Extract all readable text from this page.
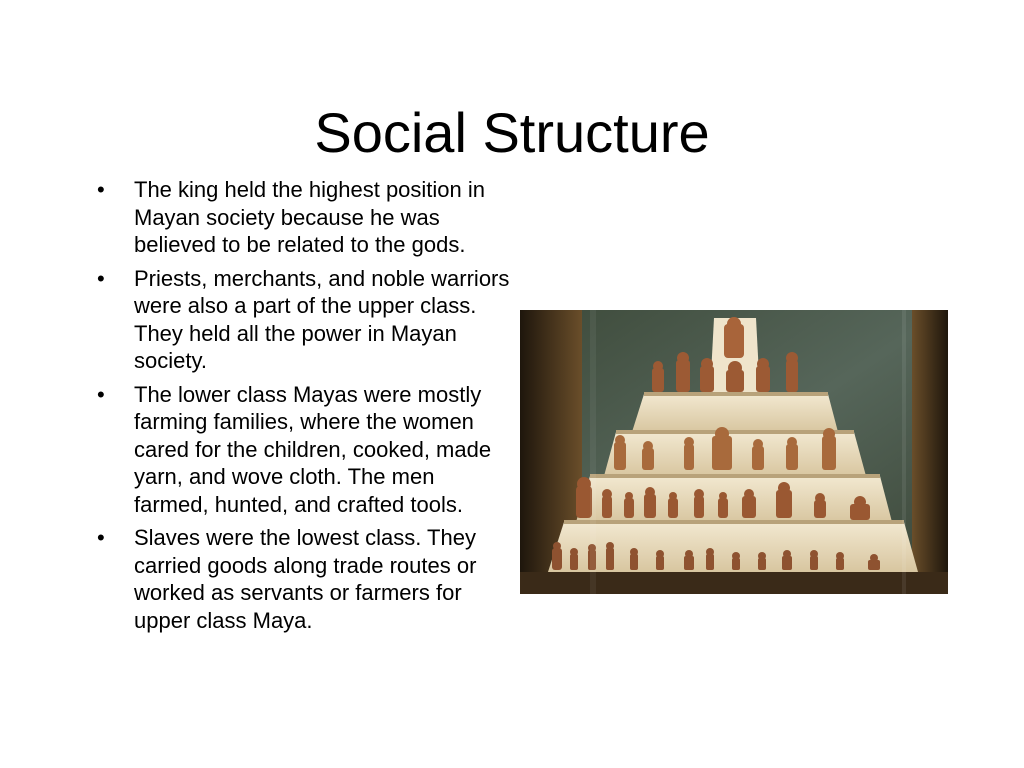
Social Structure
• The king held the highest position in Mayan society because he was believed to be related to the gods.
• Priests, merchants, and noble warriors were also a part of the upper class. They held all the power in Mayan society.
• The lower class Mayas were mostly farming families, where the women cared for the children, cooked, made yarn, and wove cloth. The men farmed, hunted, and crafted tools.
• Slaves were the lowest class. They carried goods along trade routes or worked as servants or farmers for upper class Maya.
